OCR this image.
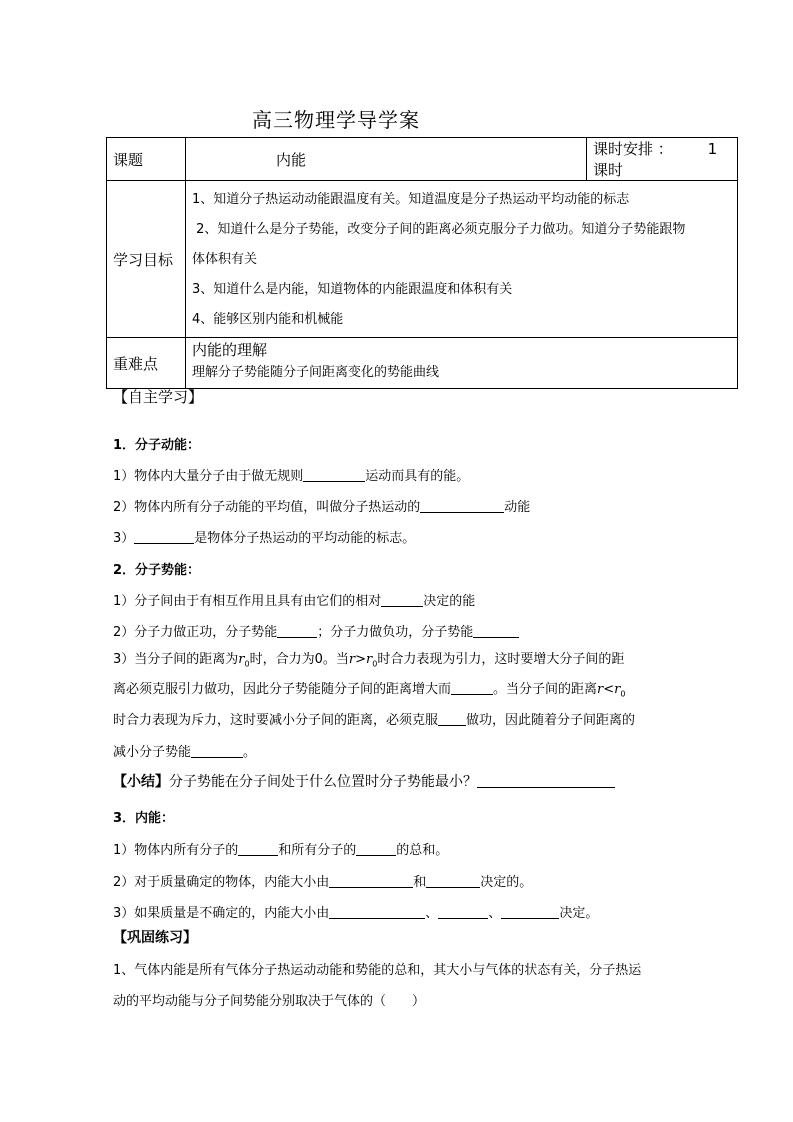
高三物理学导学案
课题	内能	课时安排 ： 1课时
学习目标	1、知道分子热运动动能跟温度有关。知道温度是分子热运动平均动能的标志

2、知道什么是分子势能，改变分子间的距离必须克服分子力做功。知道分子势能跟物

体体积有关

3、知道什么是内能，知道物体的内能跟温度和体积有关

4、能够区别内能和机械能	

重难点	内能的理解
理解分子势能随分子间距离变化的势能曲线	
【自主学习】
1．分子动能：
1）物体内大量分子由于做无规则	运动而具有的能。
2）物体内所有分子动能的平均值，叫做分子热运动的	动能
3）	是物体分子热运动的平均动能的标志。
2．分子势能：
1）分子间由于有相互作用且具有由它们的相对	决定的能
2）分子力做正功，分子势能	；分子力做负功，分子势能
3）当分子间的距离为$r_0$时，合力为0。当$r>r_0$时合力表现为引力，这时要增大分子间的距
离必须克服引力做功，因此分子势能随分子间的距离增大而	。当分子间的距离$r<r_0$
时合力表现为斥力，这时要减小分子间的距离，必须克服 做功，因此随着分子间距离的
减小分子势能	。
【小结】分子势能在分子间处于什么位置时分子势能最小？
3．内能：
1）物体内所有分子的	和所有分子的	的总和。
2）对于质量确定的物体，内能大小由	和	决定的。
3）如果质量是不确定的，内能大小由	、	、	决定。
【巩固练习】
1、气体内能是所有气体分子热运动动能和势能的总和，其大小与气体的状态有关，分子热运
动的平均动能与分子间势能分别取决于气体的（　　）
